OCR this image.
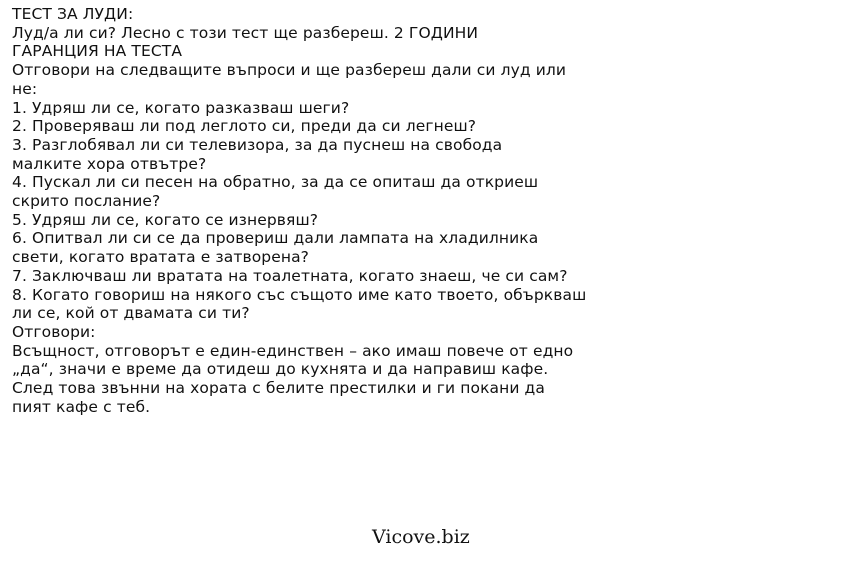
ТЕСТ ЗА ЛУДИ:
Луд/а ли си? Лесно с този тест ще разбереш. 2 ГОДИНИ
ГАРАНЦИЯ НА ТЕСТА
Отговори на следващите въпроси и ще разбереш дали си луд или
не:
1. Удряш ли се, когато разказваш шеги?
2. Проверяваш ли под леглото си, преди да си легнеш?
3. Разглобявал ли си телевизора, за да пуснеш на свобода
малките хора отвътре?
4. Пускал ли си песен на обратно, за да се опиташ да откриеш
скрито послание?
5. Удряш ли се, когато се изнервяш?
6. Опитвал ли си се да провериш дали лампата на хладилника
свети, когато вратата е затворена?
7. Заключваш ли вратата на тоалетната, когато знаеш, че си сам?
8. Когато говориш на някого със същото име като твоето, объркваш
ли се, кой от двамата си ти?
Отговори:
Всъщност, отговорът е един-единствен – ако имаш повече от едно
„да“, значи е време да отидеш до кухнята и да направиш кафе.
След това звънни на хората с белите престилки и ги покани да
пият кафе с теб.
Vicove.biz
